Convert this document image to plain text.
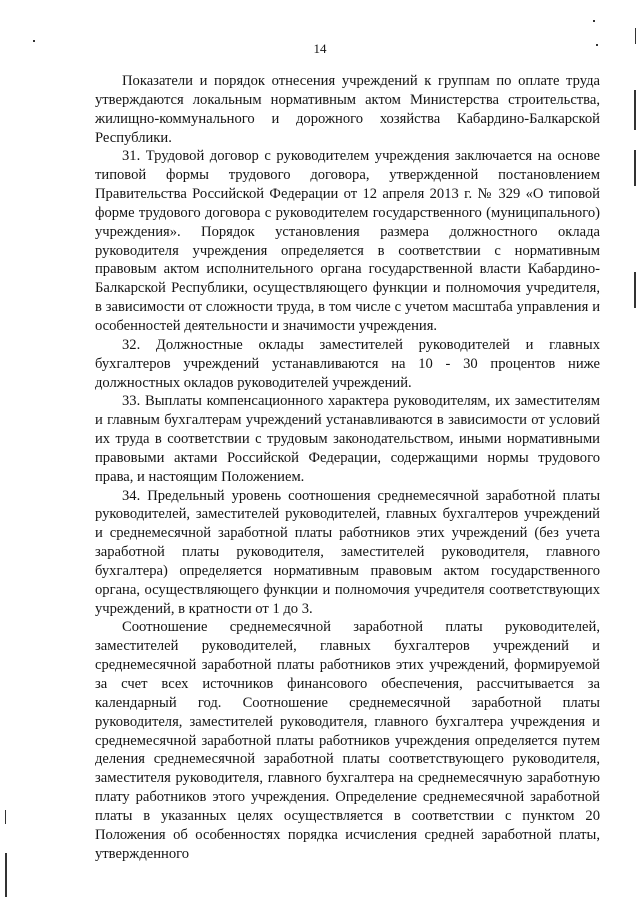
14

Показатели и порядок отнесения учреждений к группам по оплате труда утверждаются локальным нормативным актом Министерства строительства, жилищно-коммунального и дорожного хозяйства Кабардино-Балкарской Республики.

31. Трудовой договор с руководителем учреждения заключается на основе типовой формы трудового договора, утвержденной постановлением Правительства Российской Федерации от 12 апреля 2013 г. № 329 «О типовой форме трудового договора с руководителем государственного (муниципального) учреждения». Порядок установления размера должностного оклада руководителя учреждения определяется в соответствии с нормативным правовым актом исполнительного органа государственной власти Кабардино-Балкарской Республики, осуществляющего функции и полномочия учредителя, в зависимости от сложности труда, в том числе с учетом масштаба управления и особенностей деятельности и значимости учреждения.

32. Должностные оклады заместителей руководителей и главных бухгалтеров учреждений устанавливаются на 10 - 30 процентов ниже должностных окладов руководителей учреждений.

33. Выплаты компенсационного характера руководителям, их заместителям и главным бухгалтерам учреждений устанавливаются в зависимости от условий их труда в соответствии с трудовым законодательством, иными нормативными правовыми актами Российской Федерации, содержащими нормы трудового права, и настоящим Положением.

34. Предельный уровень соотношения среднемесячной заработной платы руководителей, заместителей руководителей, главных бухгалтеров учреждений и среднемесячной заработной платы работников этих учреждений (без учета заработной платы руководителя, заместителей руководителя, главного бухгалтера) определяется нормативным правовым актом государственного органа, осуществляющего функции и полномочия учредителя соответствующих учреждений, в кратности от 1 до 3.

Соотношение среднемесячной заработной платы руководителей, заместителей руководителей, главных бухгалтеров учреждений и среднемесячной заработной платы работников этих учреждений, формируемой за счет всех источников финансового обеспечения, рассчитывается за календарный год. Соотношение среднемесячной заработной платы руководителя, заместителей руководителя, главного бухгалтера учреждения и среднемесячной заработной платы работников учреждения определяется путем деления среднемесячной заработной платы соответствующего руководителя, заместителя руководителя, главного бухгалтера на среднемесячную заработную плату работников этого учреждения. Определение среднемесячной заработной платы в указанных целях осуществляется в соответствии с пунктом 20 Положения об особенностях порядка исчисления средней заработной платы, утвержденного
